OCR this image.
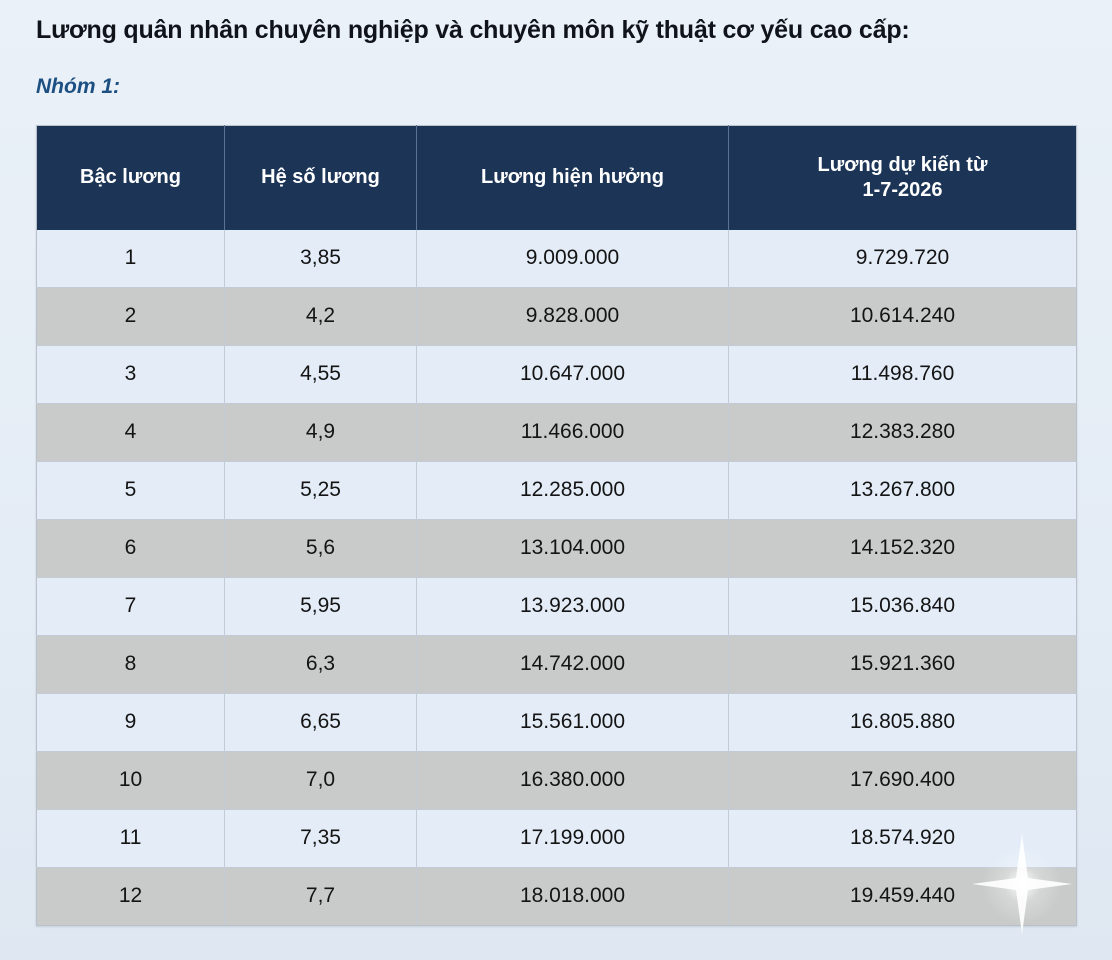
Lương quân nhân chuyên nghiệp và chuyên môn kỹ thuật cơ yếu cao cấp:
Nhóm 1:
Bậc lương	Hệ số lương	Lương hiện hưởng	Lương dự kiến từ
1-7-2026
1	3,85	9.009.000	9.729.720
2	4,2	9.828.000	10.614.240
3	4,55	10.647.000	11.498.760
4	4,9	11.466.000	12.383.280
5	5,25	12.285.000	13.267.800
6	5,6	13.104.000	14.152.320
7	5,95	13.923.000	15.036.840
8	6,3	14.742.000	15.921.360
9	6,65	15.561.000	16.805.880
10	7,0	16.380.000	17.690.400
11	7,35	17.199.000	18.574.920
12	7,7	18.018.000	19.459.440
